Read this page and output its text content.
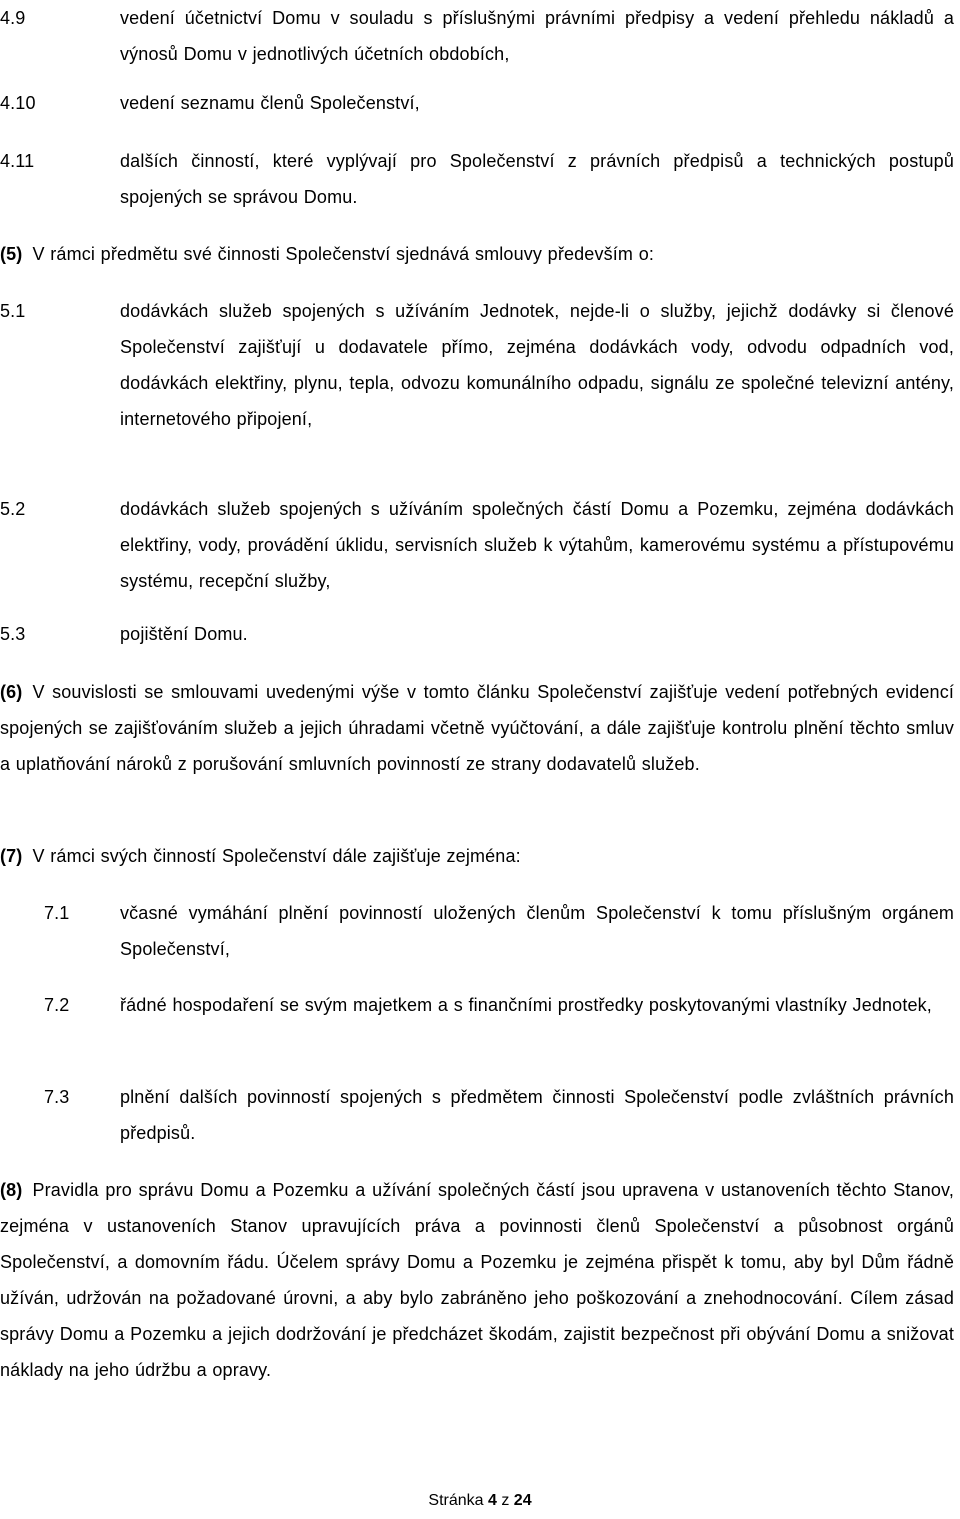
4.9	vedení účetnictví Domu v souladu s příslušnými právními předpisy a vedení přehledu nákladů a výnosů Domu v jednotlivých účetních obdobích,
4.10	vedení seznamu členů Společenství,
4.11	dalších činností, které vyplývají pro Společenství z právních předpisů a technických postupů spojených se správou Domu.
(5) V rámci předmětu své činnosti Společenství sjednává smlouvy především o:
5.1	dodávkách služeb spojených s užíváním Jednotek, nejde-li o služby, jejichž dodávky si členové Společenství zajišťují u dodavatele přímo, zejména dodávkách vody, odvodu odpadních vod, dodávkách elektřiny, plynu, tepla, odvozu komunálního odpadu, signálu ze společné televizní antény, internetového připojení,
5.2	dodávkách služeb spojených s užíváním společných částí Domu a Pozemku, zejména dodávkách elektřiny, vody, provádění úklidu, servisních služeb k výtahům, kamerovému systému a přístupovému systému, recepční služby,
5.3	pojištění Domu.
(6) V souvislosti se smlouvami uvedenými výše v tomto článku Společenství zajišťuje vedení potřebných evidencí spojených se zajišťováním služeb a jejich úhradami včetně vyúčtování, a dále zajišťuje kontrolu plnění těchto smluv a uplatňování nároků z porušování smluvních povinností ze strany dodavatelů služeb.
(7) V rámci svých činností Společenství dále zajišťuje zejména:
7.1	včasné vymáhání plnění povinností uložených členům Společenství k tomu příslušným orgánem Společenství,
7.2	řádné hospodaření se svým majetkem a s finančními prostředky poskytovanými vlastníky Jednotek,
7.3	plnění dalších povinností spojených s předmětem činnosti Společenství podle zvláštních právních předpisů.
(8) Pravidla pro správu Domu a Pozemku a užívání společných částí jsou upravena v ustanoveních těchto Stanov, zejména v ustanoveních Stanov upravujících práva a povinnosti členů Společenství a působnost orgánů Společenství, a domovním řádu. Účelem správy Domu a Pozemku je zejména přispět k tomu, aby byl Dům řádně užíván, udržován na požadované úrovni, a aby bylo zabráněno jeho poškozování a znehodnocování. Cílem zásad správy Domu a Pozemku a jejich dodržování je předcházet škodám, zajistit bezpečnost při obývání Domu a snižovat náklady na jeho údržbu a opravy.
Stránka 4 z 24
